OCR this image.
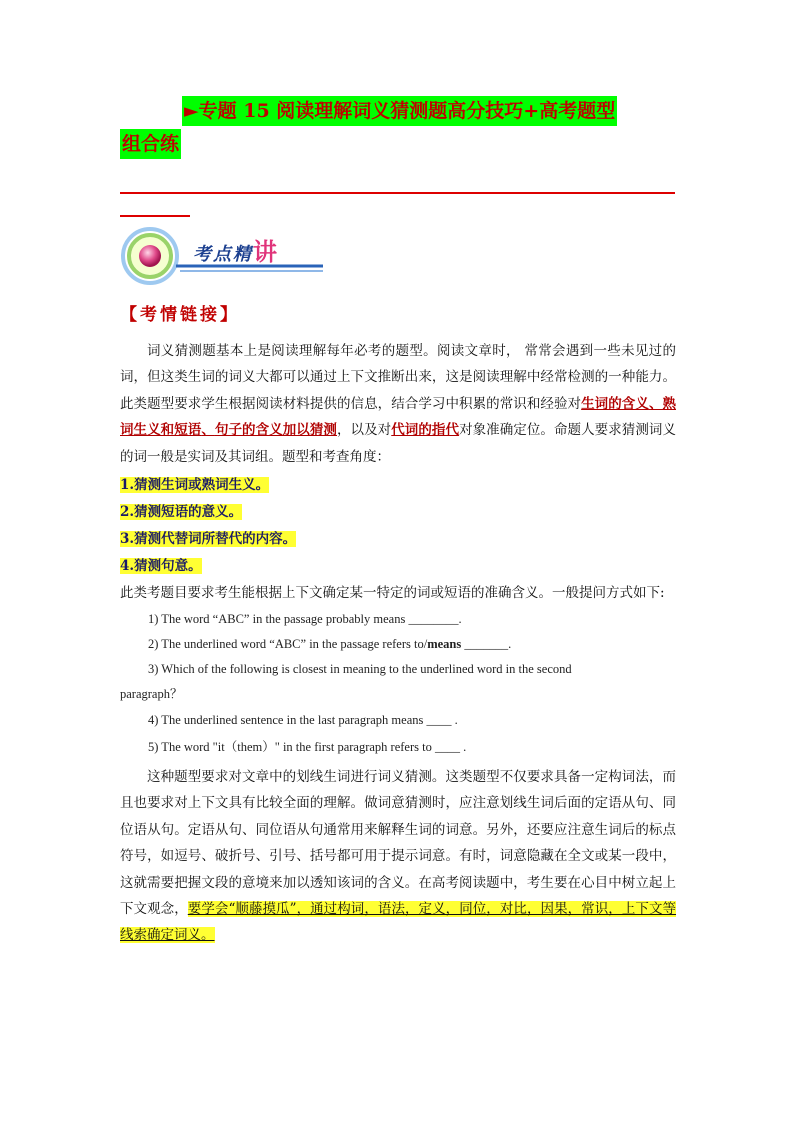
►专题 15 阅读理解词义猜测题高分技巧+高考题型
组合练
考点精讲
【考情链接】
词义猜测题基本上是阅读理解每年必考的题型。阅读文章时， 常常会遇到一些未见过的词，但这类生词的词义大都可以通过上下文推断出来，这是阅读理解中经常检测的一种能力。此类题型要求学生根据阅读材料提供的信息，结合学习中积累的常识和经验对生词的含义、熟词生义和短语、句子的含义加以猜测，以及对代词的指代对象准确定位。命题人要求猜测词义的词一般是实词及其词组。题型和考查角度：
1.猜测生词或熟词生义。
2.猜测短语的意义。
3.猜测代替词所替代的内容。
4.猜测句意。
此类考题目要求考生能根据上下文确定某一特定的词或短语的准确含义。一般提问方式如下:
1) The word “ABC” in the passage probably means ________.
2) The underlined word “ABC” in the passage refers to/means _______.
3) Which of the following is closest in meaning to the underlined word in the second
paragraph？
4) The underlined sentence in the last paragraph means ____ .
5) The word "it（them）" in the first paragraph refers to ____ .
这种题型要求对文章中的划线生词进行词义猜测。这类题型不仅要求具备一定构词法，而且也要求对上下文具有比较全面的理解。做词意猜测时，应注意划线生词后面的定语从句、同位语从句。定语从句、同位语从句通常用来解释生词的词意。另外，还要应注意生词后的标点符号，如逗号、破折号、引号、括号都可用于提示词意。有时，词意隐藏在全文或某一段中，这就需要把握文段的意境来加以透知该词的含义。在高考阅读题中，考生要在心目中树立起上下文观念，要学会“顺藤摸瓜”，通过构词，语法，定义，同位，对比，因果，常识，上下文等线索确定词义。
